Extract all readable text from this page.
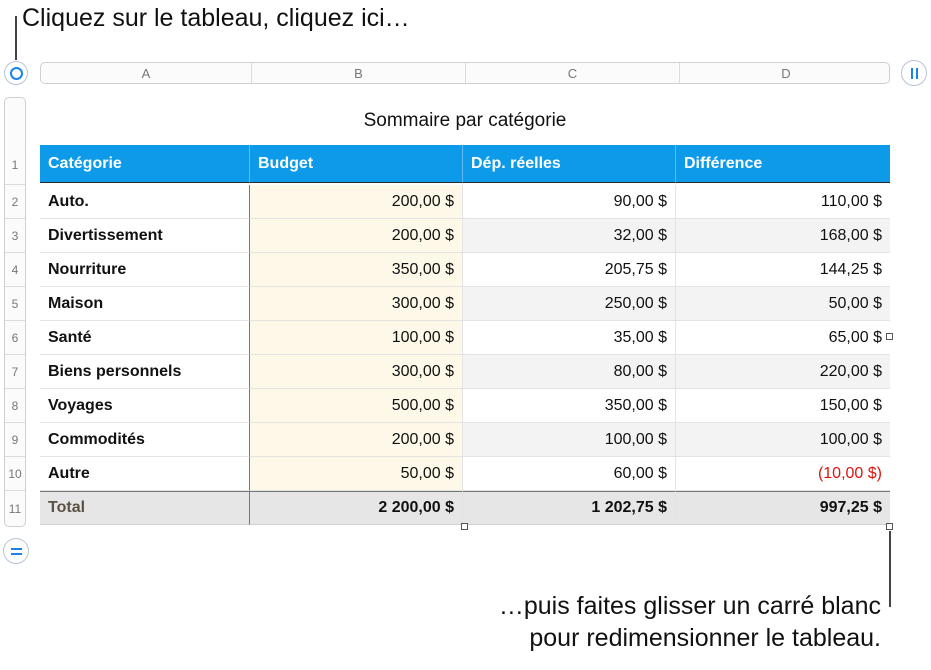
Cliquez sur le tableau, cliquez ici…
A	B	C	D
1
2
3
4
5
6
7
8
9
10
11
Sommaire par catégorie
Catégorie	Budget	Dép. réelles	Différence
Auto.	200,00 $	90,00 $	110,00 $
Divertissement	200,00 $	32,00 $	168,00 $
Nourriture	350,00 $	205,75 $	144,25 $
Maison	300,00 $	250,00 $	50,00 $
Santé	100,00 $	35,00 $	65,00 $
Biens personnels	300,00 $	80,00 $	220,00 $
Voyages	500,00 $	350,00 $	150,00 $
Commodités	200,00 $	100,00 $	100,00 $
Autre	50,00 $	60,00 $	(10,00 $)
Total	2 200,00 $	1 202,75 $	997,25 $
…puis faites glisser un carré blanc
pour redimensionner le tableau.
